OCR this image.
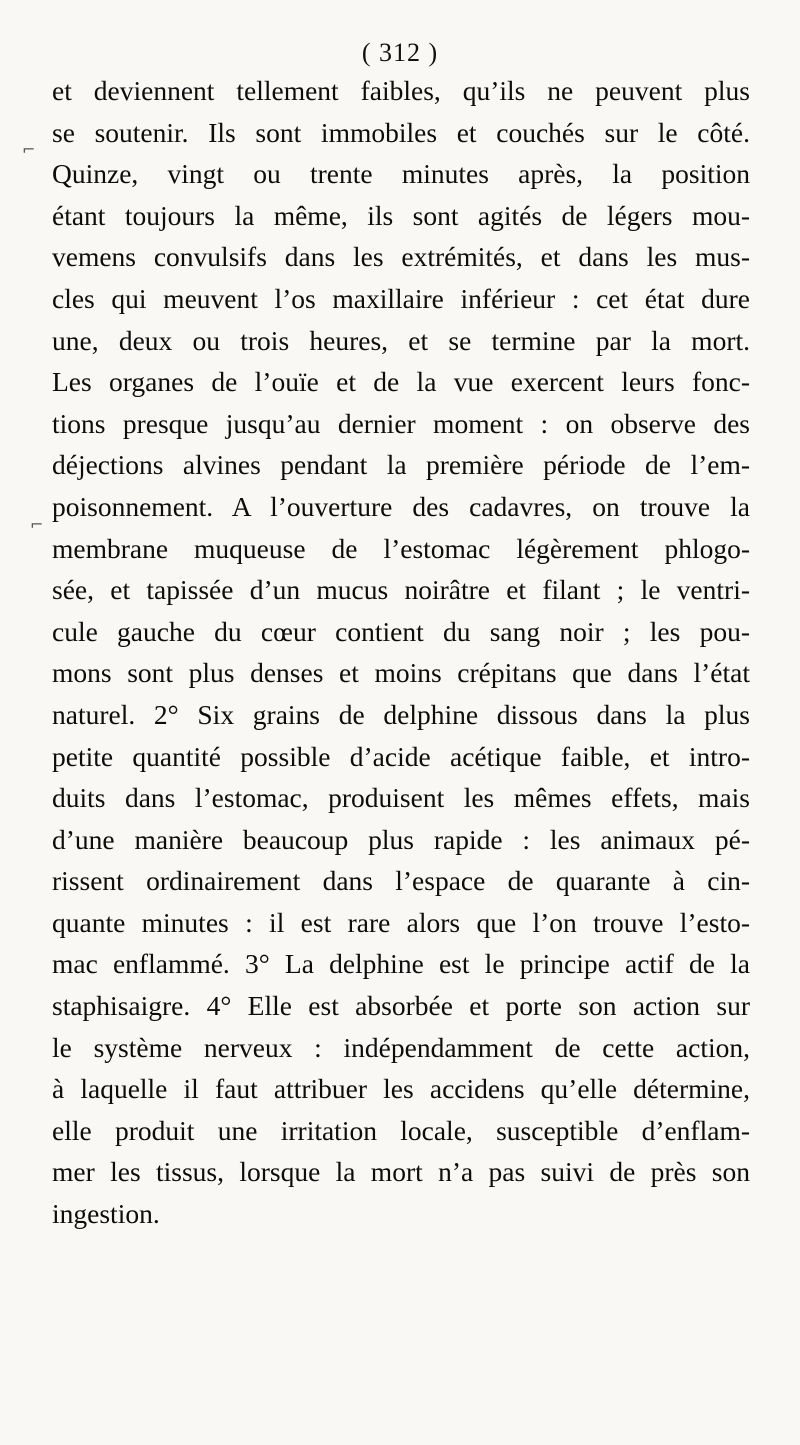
( 312 )
⌐
⌐
et deviennent tellement faibles, qu’ils ne peuvent plus
se soutenir. Ils sont immobiles et couchés sur le côté.
Quinze, vingt ou trente minutes après, la position
étant toujours la même, ils sont agités de légers mou-
vemens convulsifs dans les extrémités, et dans les mus-
cles qui meuvent l’os maxillaire inférieur : cet état dure
une, deux ou trois heures, et se termine par la mort.
Les organes de l’ouïe et de la vue exercent leurs fonc-
tions presque jusqu’au dernier moment : on observe des
déjections alvines pendant la première période de l’em-
poisonnement. A l’ouverture des cadavres, on trouve la
membrane muqueuse de l’estomac légèrement phlogo-
sée, et tapissée d’un mucus noirâtre et filant ; le ventri-
cule gauche du cœur contient du sang noir ; les pou-
mons sont plus denses et moins crépitans que dans l’état
naturel. 2° Six grains de delphine dissous dans la plus
petite quantité possible d’acide acétique faible, et intro-
duits dans l’estomac, produisent les mêmes effets, mais
d’une manière beaucoup plus rapide : les animaux pé-
rissent ordinairement dans l’espace de quarante à cin-
quante minutes : il est rare alors que l’on trouve l’esto-
mac enflammé. 3° La delphine est le principe actif de la
staphisaigre. 4° Elle est absorbée et porte son action sur
le système nerveux : indépendamment de cette action,
à laquelle il faut attribuer les accidens qu’elle détermine,
elle produit une irritation locale, susceptible d’enflam-
mer les tissus, lorsque la mort n’a pas suivi de près son
ingestion.
